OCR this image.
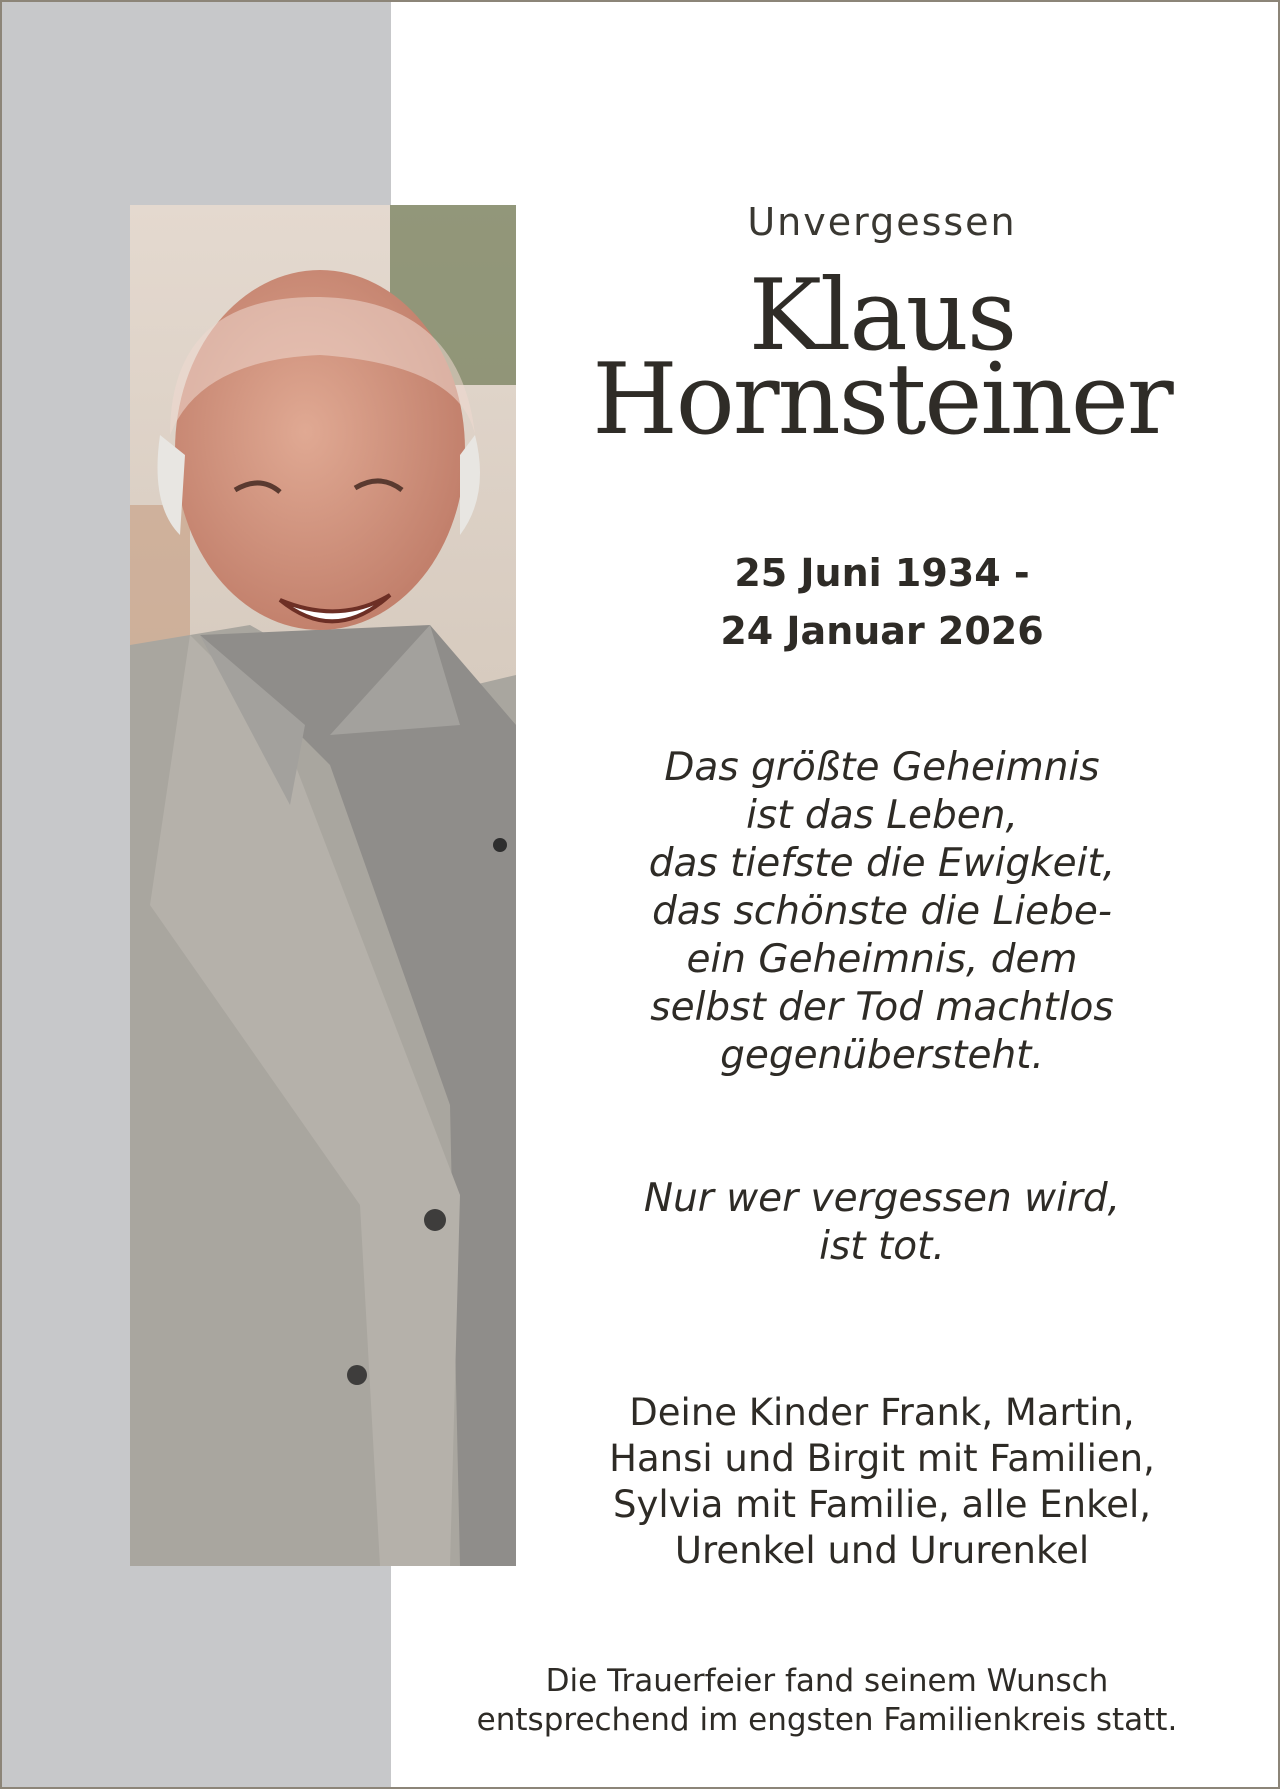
Unvergessen
Klaus
Hornsteiner
25 Juni 1934 -
24 Januar 2026
Das größte Geheimnis
ist das Leben,
das tiefste die Ewigkeit,
das schönste die Liebe-
ein Geheimnis, dem
selbst der Tod machtlos
gegenübersteht.
Nur wer vergessen wird,
ist tot.
Deine Kinder Frank, Martin,
Hansi und Birgit mit Familien,
Sylvia mit Familie, alle Enkel,
Urenkel und Ururenkel
Die Trauerfeier fand seinem Wunsch
entsprechend im engsten Familienkreis statt.
